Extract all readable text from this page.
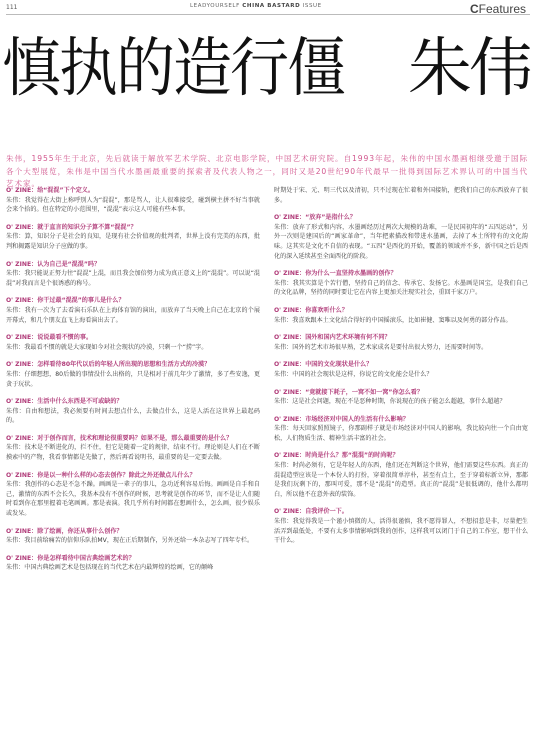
111	LEADYOURSELF CHINA BASTARD ISSUE	CFeatures
慎执的造行僵 朱伟
朱伟，1955年生于北京，先后就读于解放军艺术学院、北京电影学院，中国艺术研究院。自1993年起，朱伟的中国水墨画相继受邀于国际各个大型展览，朱伟是中国当代水墨画最重要的探索者及代表人物之一，同时又是20世纪90年代最早一批得到国际艺术界认可的中国当代艺术家。

O' ZINE：给“混混”下个定义。

朱伟：我觉得在大街上称呼别人为“混混”，那是骂人，让人很难接受，碰到横主拼不好当事就会来个拾的。但在特定的小范围里，“混混”表示这人可能有些本事。

O' ZINE：就于直言的知识分子算不算“混混”？

朱伟：算，知识分子是社会的良知，是现有社会价值观的批判者，世界上没有完美的东西，批判和揭露是知识分子应做的事。

O' ZINE：认为自己是“混混”吗？

朱伟：我只能说正努力往“混混”上混，而且我会加倍努力成为真正意义上的“混混”。可以说“混混”对我而言是个很诱惑的称号。

O' ZINE：你干过最“混混”的事儿是什么？

朱伟：我有一次为了去看演石乐队在上海体育馆的演出，而放弃了当天晚上自己在北京的个展开幕式，和几个朋友直飞上海看演出去了。

O' ZINE：说说最看不惯的事。

朱伟：我最看不惯的就是大家现如今对社会现状的冷漠，只剩一个“捞”字。

O' ZINE：怎样看待80年代以后的年轻人所出现的思想和生活方式的冷漠？

朱伟：仔细想想，80后做的事情没什么出格的，只是相对于前几年少了激情，多了些安逸，更贪于玩状。

O' ZINE：生活中什么东西是不可或缺的？

朱伟：自由和想法，我必须要有时间去想点什么，去做点什么，这是人活在这世界上最起码的。

O' ZINE：对于创作而言，技术和理论很重要吗？如果不是，那么最重要的是什么？

朱伟：技术是不断进化的，拦不住，但它是随着一定的规律，结束不行。理论则是人们在不断摸索中的产物，我看事情都是先做了，然后再看说明书，最重要的是一定要去做。

O' ZINE：你是以一种什么样的心态去创作？除此之外还做点儿什么？

朱伟：我创作的心态是不急不躁。画画是一辈子的事儿，急功近利容易后悔。画画是自手和自己，激情的东西不会长久，我基本没有不创作的时候，思考就是创作的环节，而不是让人们随时看到你在那里握着毛笔画画。那是表演。我几乎所有时间都在想画什么，怎么画，很少娱乐或发呆。

O' ZINE：除了绘画，你还从事什么创作？

朱伟：我目前给痛苦的信仰乐队拍MV，现在正后期制作，另外还给一本杂志写了四年专栏。

O' ZINE：你是怎样看待中国古典绘画艺术的？

朱伟：中国古典绘画艺术是包括现在的当代艺术在内最辉煌的绘画，它的颠峰

时期处于宋、元、明三代以及清初，只不过现在忙着和外国接轨，把我们自己的东西放弃了很多。

O' ZINE：“放弃”是指什么？

朱伟：放弃了形式和内容，水墨画经历过两次大规模的劫难，一是民国初年的“五四运动”，另外一次则是建国后的“画家革命”，当年把素描改和带进水墨画，去掉了本土所特有的文化韵味。这其实是文化不自信的表现。“五四”是西化的开始，覆盖的领域并不多，新中国之后是西化的深入延续甚至全面西化的阶段。

O' ZINE：你为什么一直坚持水墨画的创作？

朱伟：我其实算是个苦行僧，坚持自己的信念、传承它、发扬它。水墨画是国宝，是我们自己的文化品牌，坚持的同时要让它在内容上更加关注现实社会，重回千家万户。

O' ZINE：你喜欢听什么？

朱伟：我喜欢跟本土文化结合得好的中国摇滚乐，比如崔健、窦唯以及何勇的部分作品。

O' ZINE：国外和国内艺术环境有何不同？

朱伟：国外的艺术市场很早熟，艺术家成名是要付出很大努力，还需要时间等。

O' ZINE：中国的文化现状是什么？

朱伟：中国的社会现状是这样，你说它的文化能会是什么？

O' ZINE：“竟就接下耗子，一窝不如一窝”你怎么看？

朱伟：这是社会问题，现在不是恶种时期，你说现在的孩子能怎么超越，事什么超越？

O' ZINE：市场经济对中国人的生活有什么影响？

朱伟：每天回家照照镜子，你那副样子就是市场经济对中国人的影响，我比较向往一个自由宽松，人们物质生活、精神生活丰富的社会。

O' ZINE：时尚是什么？那“混混”的时尚呢？

朱伟：时尚必须有，它是年轻人的东西，他们还在判断这个世界，他们需要这些东西。真正的混混造型应该是一个本份人的打扮，穿着很简单淳朴，甚至有点土，至于穿着标新立异，那都是我们玩剩下的，那叫可爱，那不是“混混”的造型。真正的“混混”是很低调的，他什么都明白，所以他不在意外表的装饰。

O' ZINE：自我评价一下。

朱伟：我觉得我是一个谨小慎微的人，活得很谨慎，我不愿得罪人，不想招惹是非，尽量把生活弄到最低处，不要有太多事情影响到我的创作，这样我可以闭门于自己的工作室，想干什么干什么。
